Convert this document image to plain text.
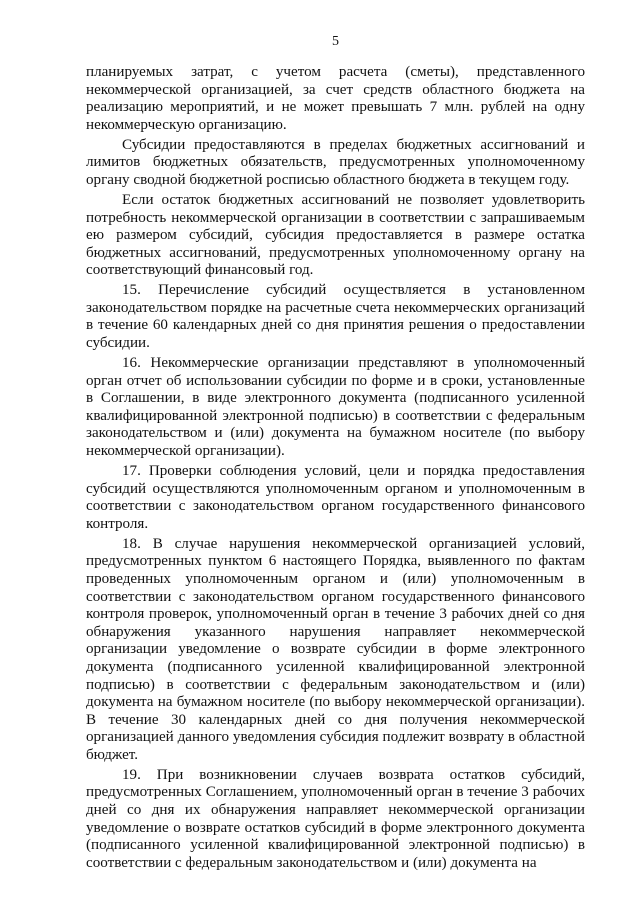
5

планируемых затрат, с учетом расчета (сметы), представленного некоммерческой организацией, за счет средств областного бюджета на реализацию мероприятий, и не может превышать 7 млн. рублей на одну некоммерческую организацию.

Субсидии предоставляются в пределах бюджетных ассигнований и лимитов бюджетных обязательств, предусмотренных уполномоченному органу сводной бюджетной росписью областного бюджета в текущем году.

Если остаток бюджетных ассигнований не позволяет удовлетворить потребность некоммерческой организации в соответствии с запрашиваемым ею размером субсидий, субсидия предоставляется в размере остатка бюджетных ассигнований, предусмотренных уполномоченному органу на соответствующий финансовый год.

15. Перечисление субсидий осуществляется в установленном законодательством порядке на расчетные счета некоммерческих организаций в течение 60 календарных дней со дня принятия решения о предоставлении субсидии.

16. Некоммерческие организации представляют в уполномоченный орган отчет об использовании субсидии по форме и в сроки, установленные в Соглашении, в виде электронного документа (подписанного усиленной квалифицированной электронной подписью) в соответствии с федеральным законодательством и (или) документа на бумажном носителе (по выбору некоммерческой организации).

17. Проверки соблюдения условий, цели и порядка предоставления субсидий осуществляются уполномоченным органом и уполномоченным в соответствии с законодательством органом государственного финансового контроля.

18. В случае нарушения некоммерческой организацией условий, предусмотренных пунктом 6 настоящего Порядка, выявленного по фактам проведенных уполномоченным органом и (или) уполномоченным в соответствии с законодательством органом государственного финансового контроля проверок, уполномоченный орган в течение 3 рабочих дней со дня обнаружения указанного нарушения направляет некоммерческой организации уведомление о возврате субсидии в форме электронного документа (подписанного усиленной квалифицированной электронной подписью) в соответствии с федеральным законодательством и (или) документа на бумажном носителе (по выбору некоммерческой организации). В течение 30 календарных дней со дня получения некоммерческой организацией данного уведомления субсидия подлежит возврату в областной бюджет.

19. При возникновении случаев возврата остатков субсидий, предусмотренных Соглашением, уполномоченный орган в течение 3 рабочих дней со дня их обнаружения направляет некоммерческой организации уведомление о возврате остатков субсидий в форме электронного документа (подписанного усиленной квалифицированной электронной подписью) в соответствии с федеральным законодательством и (или) документа на
